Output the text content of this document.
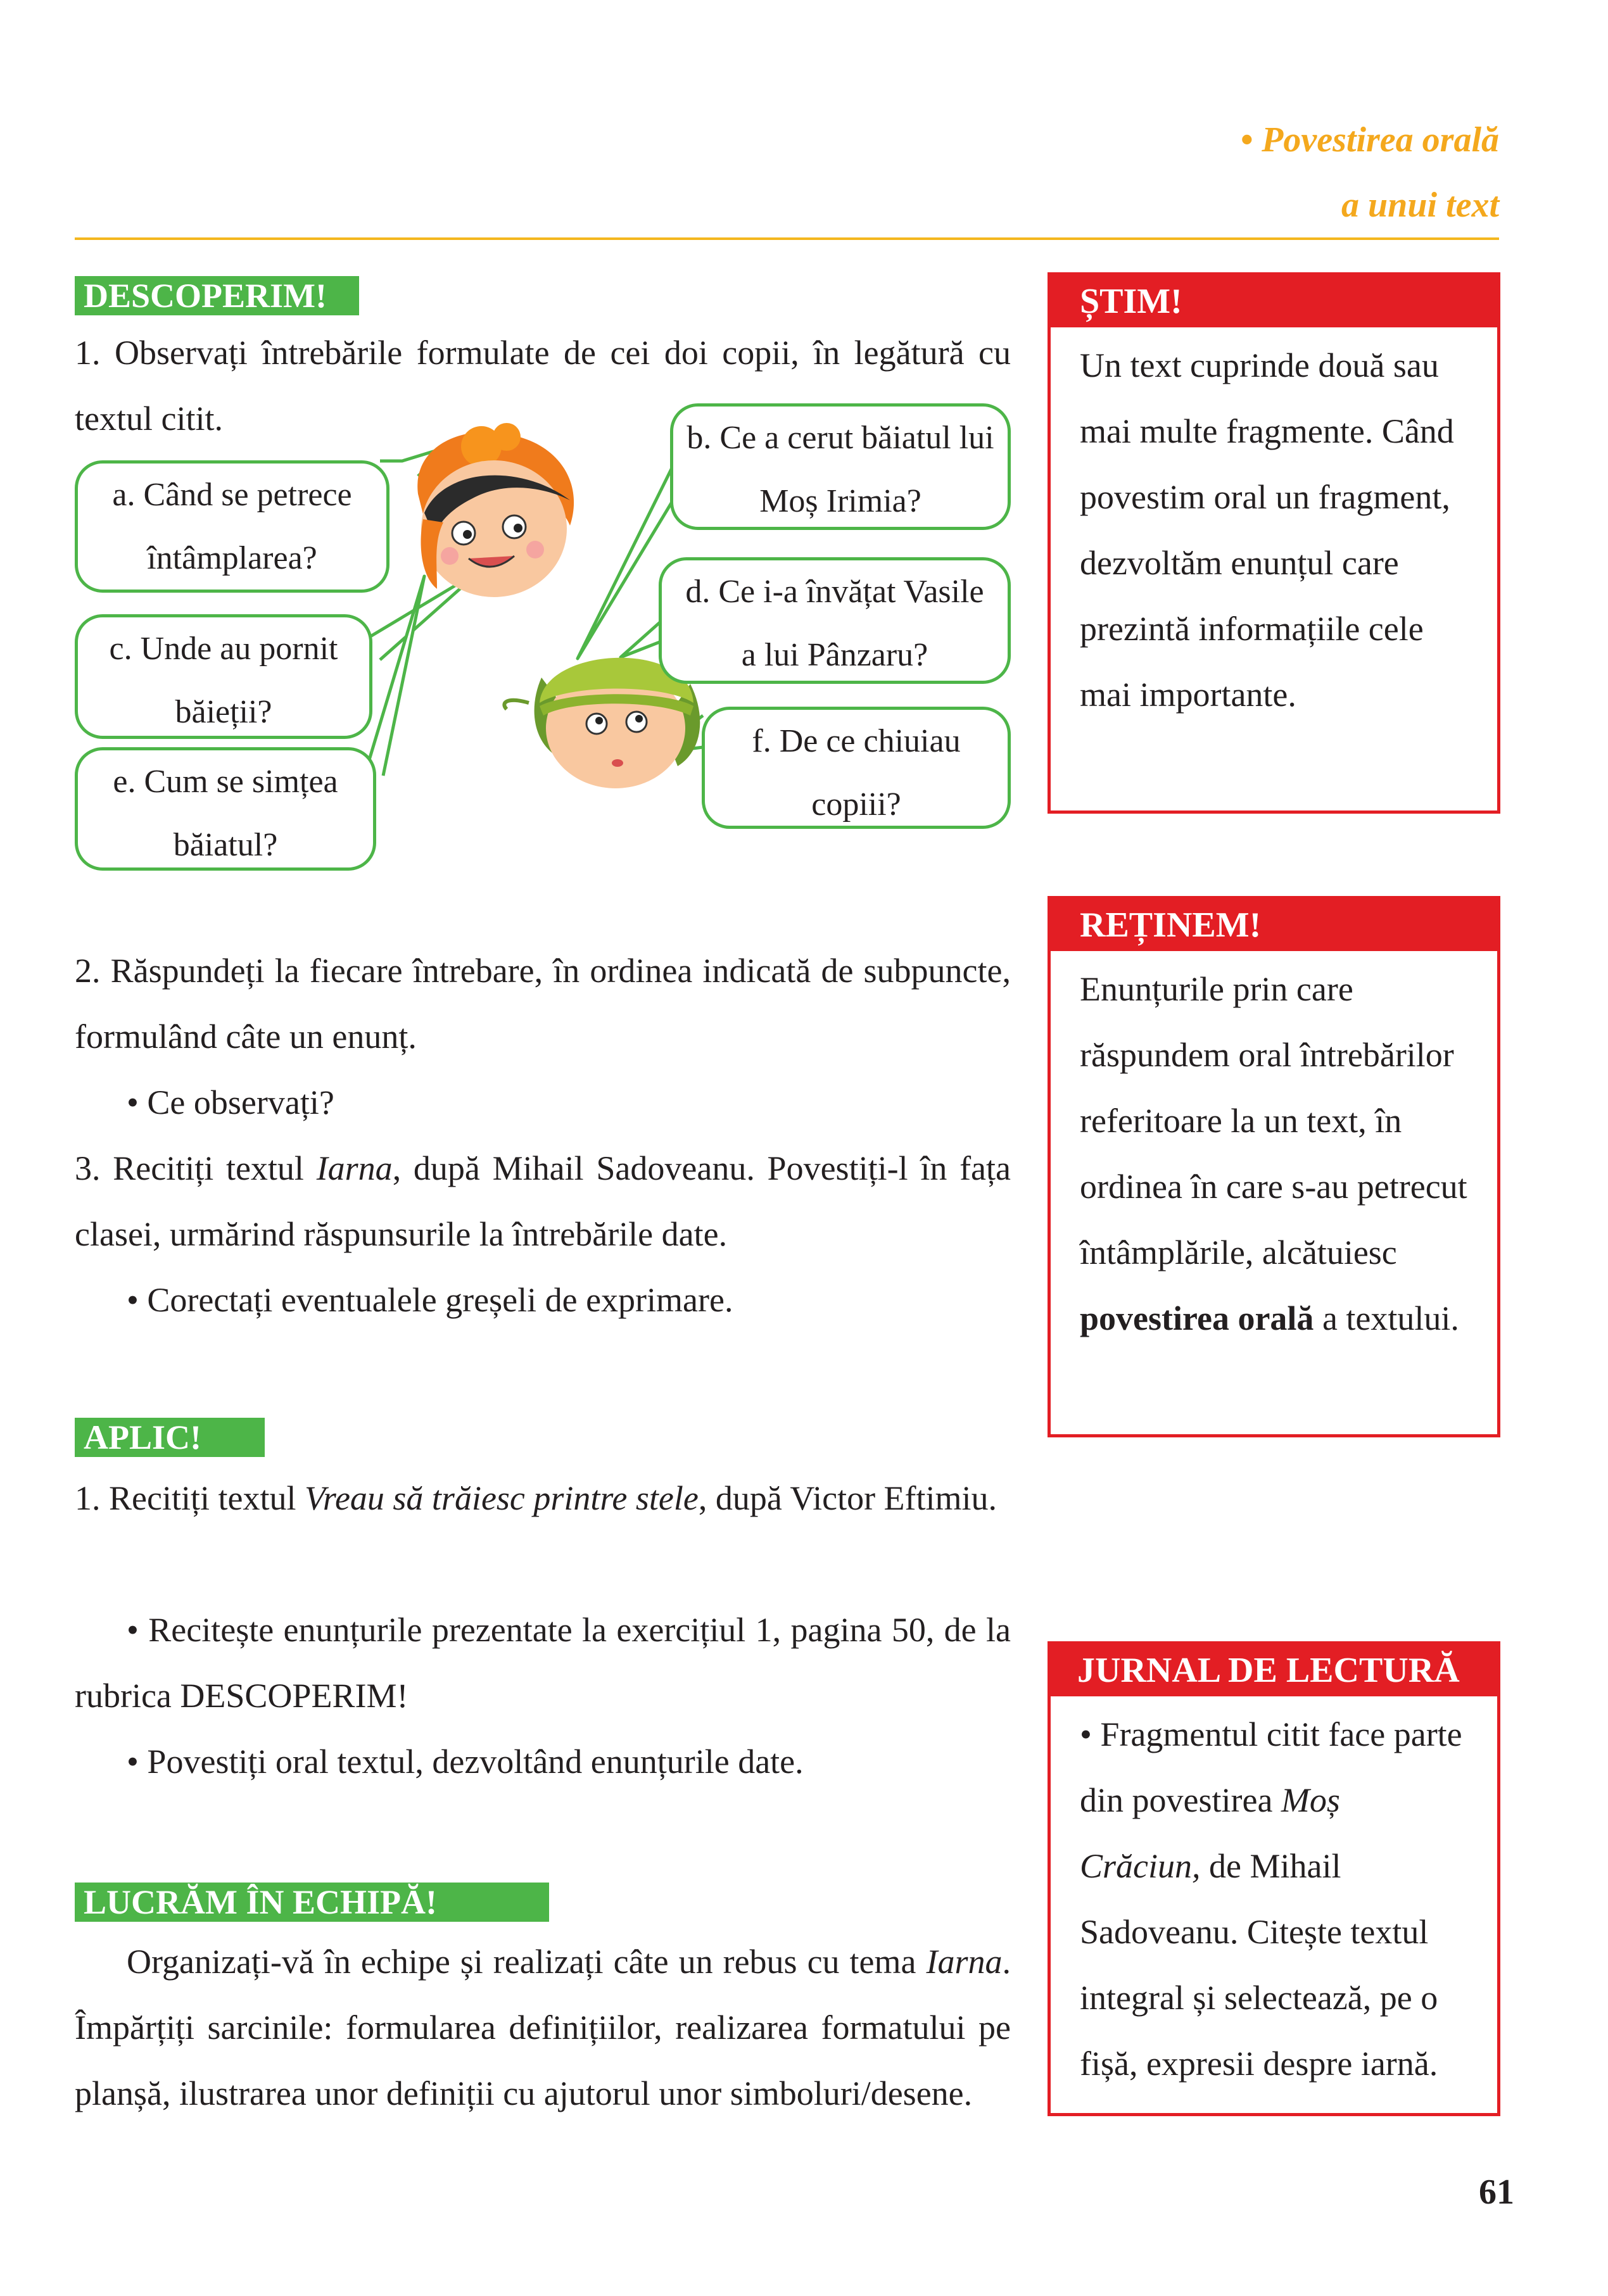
• Povestirea orală
a unui text
DESCOPERIM!

1. Observați întrebările formulate de cei doi copii, în legătură cu textul citit.

a. Când se petrece
întâmplarea?
b. Ce a cerut băiatul lui
Moș Irimia?
c. Unde au pornit
băieții?
d. Ce i-a învățat Vasile
a lui Pânzaru?
e. Cum se simțea
băiatul?
f. De ce chiuiau
copiii?

2. Răspundeți la fiecare întrebare, în ordinea indicată de subpuncte, formulând câte un enunț.

• Ce observați?

3. Recitiți textul Iarna, după Mihail Sadoveanu. Povestiți-l în fața clasei, urmărind răspunsurile la întrebările date.

• Corectați eventualele greșeli de exprimare.

APLIC!

1. Recitiți textul Vreau să trăiesc printre stele, după Victor Eftimiu.

• Recitește enunțurile prezentate la exercițiul 1, pagina 50, de la rubrica DESCOPERIM!

• Povestiți oral textul, dezvoltând enunțurile date.

LUCRĂM ÎN ECHIPĂ!

Organizați-vă în echipe și realizați câte un rebus cu tema Iarna. Împărțiți sarcinile: formularea definițiilor, realizarea formatului pe planșă, ilustrarea unor definiții cu ajutorul unor simboluri/desene.

ȘTIM!

Un text cuprinde două sau mai multe fragmente. Când povestim oral un fragment, dezvoltăm enunțul care prezintă informațiile cele mai importante.

REȚINEM!

Enunțurile prin care răspundem oral întrebărilor referitoare la un text, în ordinea în care s-au petrecut întâmplările, alcătuiesc povestirea orală a textului.

JURNAL DE LECTURĂ

• Fragmentul citit face parte din povestirea Moș Crăciun, de Mihail Sadoveanu. Citește textul integral și selectează, pe o fișă, expresii despre iarnă.

61
